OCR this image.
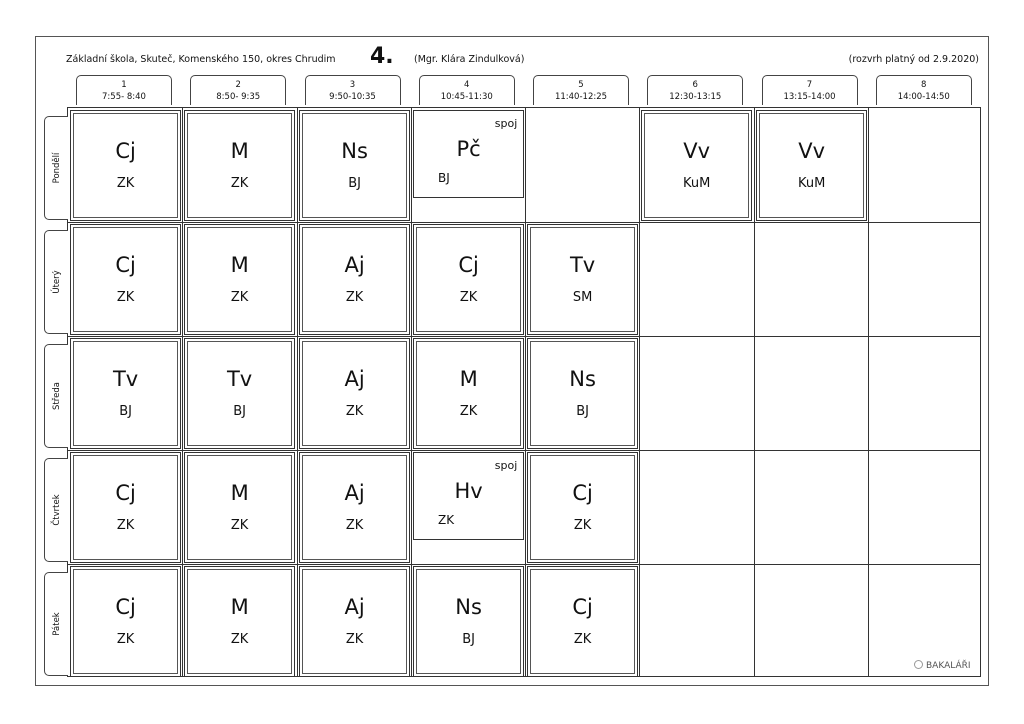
Základní škola, Skuteč, Komenského 150, okres Chrudim 4. (Mgr. Klára Zindulková)	(rozvrh platný od 2.9.2020)
1
7:55- 8:40
2
8:50- 9:35
3
9:50-10:35
4
10:45-11:30
5
11:40-12:25
6
12:30-13:15
7
13:15-14:00
8
14:00-14:50
Cj
ZK
M
ZK
Ns
BJ
Pč
BJ
spoj
Vv
KuM
Vv
KuM
Cj
ZK
M
ZK
Aj
ZK
Cj
ZK
Tv
SM
Tv
BJ
Tv
BJ
Aj
ZK
M
ZK
Ns
BJ
Cj
ZK
M
ZK
Aj
ZK
Hv
ZK
spoj
Cj
ZK
Cj
ZK
M
ZK
Aj
ZK
Ns
BJ
Cj
ZK
Pondělí
Úterý
Středa
Čtvrtek
Pátek
BAKALÁŘI
